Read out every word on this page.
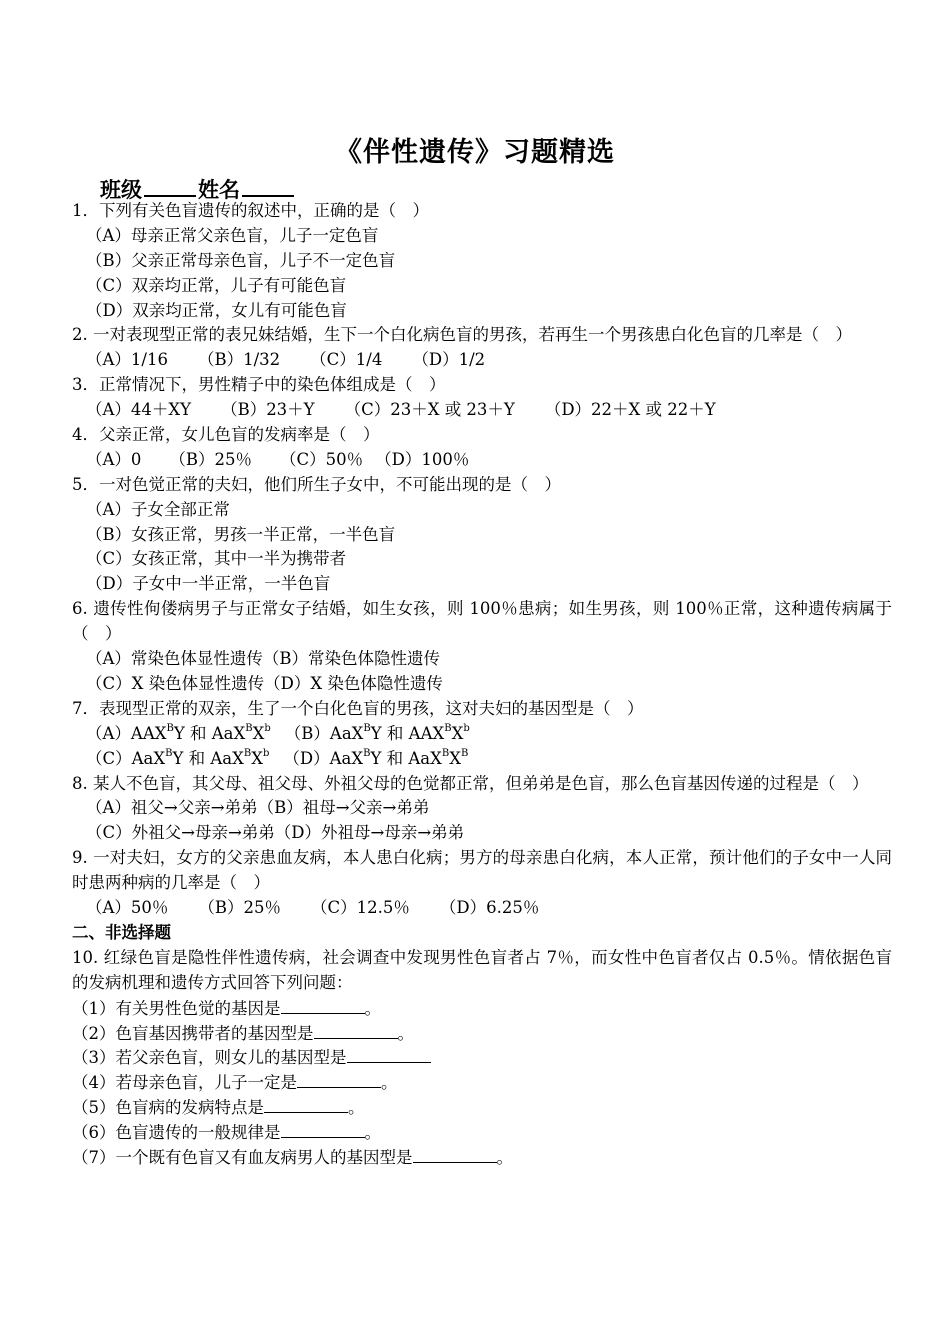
《伴性遗传》习题精选
班级	姓名
1．下列有关色盲遗传的叙述中，正确的是（　）
（A）母亲正常父亲色盲，儿子一定色盲
（B）父亲正常母亲色盲，儿子不一定色盲
（C）双亲均正常，儿子有可能色盲
（D）双亲均正常，女儿有可能色盲
2. 一对表现型正常的表兄妹结婚，生下一个白化病色盲的男孩，若再生一个男孩患白化色盲的几率是（　）
（A）1/16 （B）1/32 （C）1/4 （D）1/2
3．正常情况下，男性精子中的染色体组成是（　）
（A）44＋XY （B）23＋Y （C）23＋X 或 23＋Y （D）22＋X 或 22＋Y
4．父亲正常，女儿色盲的发病率是（　）
（A）0 （B）25％ （C）50％ （D）100％
5．一对色觉正常的夫妇，他们所生子女中，不可能出现的是（　）
（A）子女全部正常
（B）女孩正常，男孩一半正常，一半色盲
（C）女孩正常，其中一半为携带者
（D）子女中一半正常，一半色盲
6. 遗传性佝偻病男子与正常女子结婚，如生女孩，则 100％患病；如生男孩，则 100％正常，这种遗传病属于（　）
（A）常染色体显性遗传（B）常染色体隐性遗传
（C）X 染色体显性遗传（D）X 染色体隐性遗传
7．表现型正常的双亲，生了一个白化色盲的男孩，这对夫妇的基因型是（　）
$(A)AAX^BY$ 和 $AaX^BX^b$ （B）AaX$^B$Y 和 $AAX^BX^b$
（C）AaX$^B$Y 和 $AaX^BX^b$ （D）AaX$^B$Y 和 $AaX^BX^B$
8. 某人不色盲，其父母、祖父母、外祖父母的色觉都正常，但弟弟是色盲，那么色盲基因传递的过程是（　）
（A）祖父→父亲→弟弟（B）祖母→父亲→弟弟
（C）外祖父→母亲→弟弟（D）外祖母→母亲→弟弟
9. 一对夫妇，女方的父亲患血友病，本人患白化病；男方的母亲患白化病，本人正常，预计他们的子女中一人同时患两种病的几率是（　）
（A）50％ （B）25％ （C）12.5％ （D）6.25％
二、非选择题
10. 红绿色盲是隐性伴性遗传病，社会调查中发现男性色盲者占 7％，而女性中色盲者仅占 0.5％。情依据色盲的发病机理和遗传方式回答下列问题：
（1）有关男性色觉的基因是	。
（2）色盲基因携带者的基因型是	。
（3）若父亲色盲，则女儿的基因型是
（4）若母亲色盲，儿子一定是	。
（5）色盲病的发病特点是	。
（6）色盲遗传的一般规律是	。
（7）一个既有色盲又有血友病男人的基因型是	。
